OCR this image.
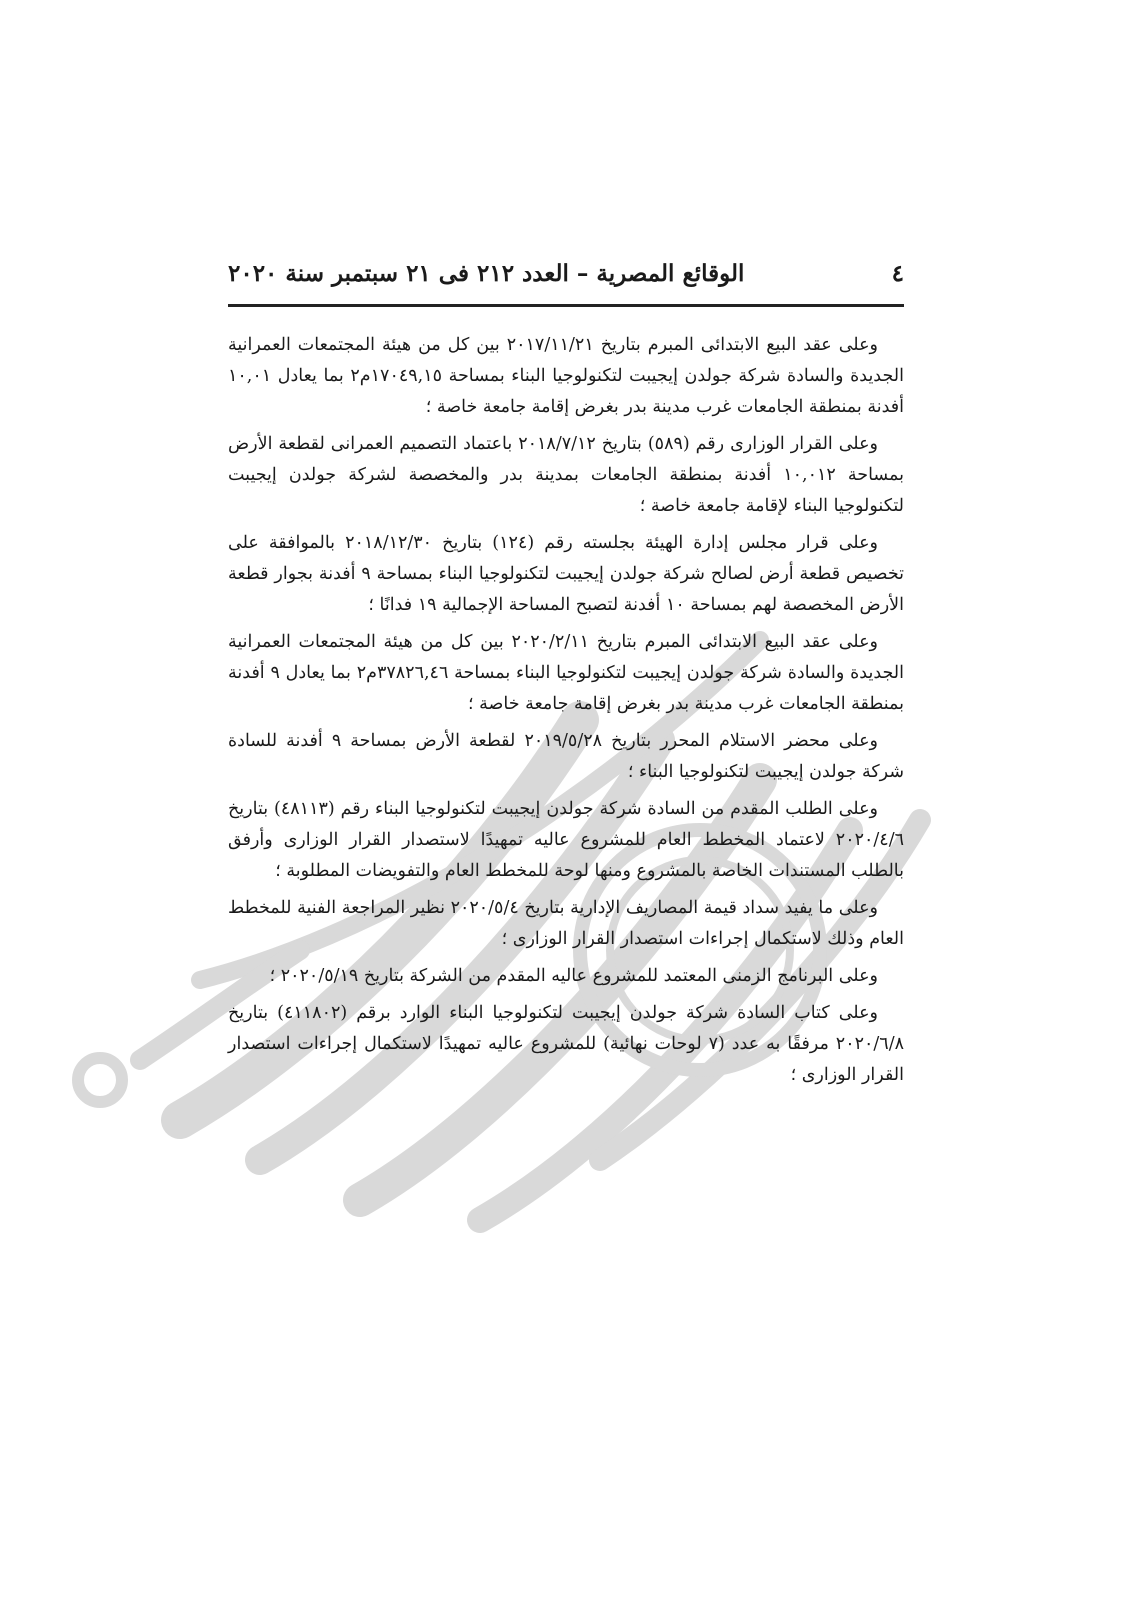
٤
الوقائع المصرية – العدد ٢١٢ فى ٢١ سبتمبر سنة ٢٠٢٠

وعلى عقد البيع الابتدائى المبرم بتاريخ ٢٠١٧/١١/٢١ بين كل من هيئة المجتمعات العمرانية الجديدة والسادة شركة جولدن إيجيبت لتكنولوجيا البناء بمساحة ١٧٠٤٩,١٥م٢ بما يعادل ١٠,٠١ أفدنة بمنطقة الجامعات غرب مدينة بدر بغرض إقامة جامعة خاصة ؛

وعلى القرار الوزارى رقم (٥٨٩) بتاريخ ٢٠١٨/٧/١٢ باعتماد التصميم العمرانى لقطعة الأرض بمساحة ١٠,٠١٢ أفدنة بمنطقة الجامعات بمدينة بدر والمخصصة لشركة جولدن إيجيبت لتكنولوجيا البناء لإقامة جامعة خاصة ؛

وعلى قرار مجلس إدارة الهيئة بجلسته رقم (١٢٤) بتاريخ ٢٠١٨/١٢/٣٠ بالموافقة على تخصيص قطعة أرض لصالح شركة جولدن إيجيبت لتكنولوجيا البناء بمساحة ٩ أفدنة بجوار قطعة الأرض المخصصة لهم بمساحة ١٠ أفدنة لتصبح المساحة الإجمالية ١٩ فدانًا ؛

وعلى عقد البيع الابتدائى المبرم بتاريخ ٢٠٢٠/٢/١١ بين كل من هيئة المجتمعات العمرانية الجديدة والسادة شركة جولدن إيجيبت لتكنولوجيا البناء بمساحة ٣٧٨٢٦,٤٦م٢ بما يعادل ٩ أفدنة بمنطقة الجامعات غرب مدينة بدر بغرض إقامة جامعة خاصة ؛

وعلى محضر الاستلام المحرر بتاريخ ٢٠١٩/٥/٢٨ لقطعة الأرض بمساحة ٩ أفدنة للسادة شركة جولدن إيجيبت لتكنولوجيا البناء ؛

وعلى الطلب المقدم من السادة شركة جولدن إيجيبت لتكنولوجيا البناء رقم (٤٨١١٣) بتاريخ ٢٠٢٠/٤/٦ لاعتماد المخطط العام للمشروع عاليه تمهيدًا لاستصدار القرار الوزارى وأرفق بالطلب المستندات الخاصة بالمشروع ومنها لوحة للمخطط العام والتفويضات المطلوبة ؛

وعلى ما يفيد سداد قيمة المصاريف الإدارية بتاريخ ٢٠٢٠/٥/٤ نظير المراجعة الفنية للمخطط العام وذلك لاستكمال إجراءات استصدار القرار الوزارى ؛

وعلى البرنامج الزمنى المعتمد للمشروع عاليه المقدم من الشركة بتاريخ ٢٠٢٠/٥/١٩ ؛

وعلى كتاب السادة شركة جولدن إيجيبت لتكنولوجيا البناء الوارد برقم (٤١١٨٠٢) بتاريخ ٢٠٢٠/٦/٨ مرفقًا به عدد (٧ لوحات نهائية) للمشروع عاليه تمهيدًا لاستكمال إجراءات استصدار القرار الوزارى ؛
